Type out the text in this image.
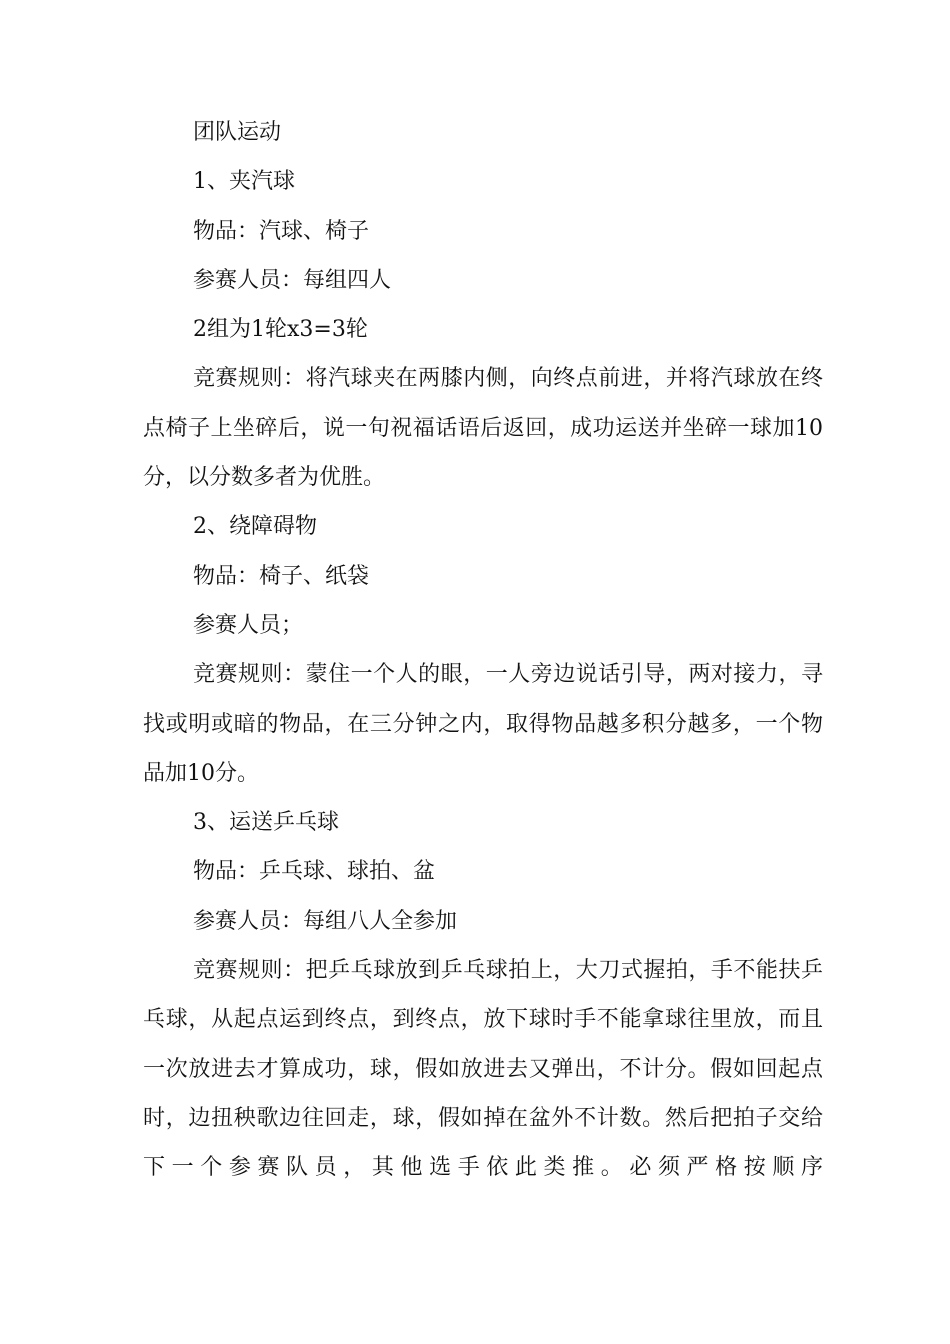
团队运动

1、夹汽球

物品：汽球、椅子

参赛人员：每组四人

2组为1轮x3=3轮

竞赛规则：将汽球夹在两膝内侧，向终点前进，并将汽球放在终点椅子上坐碎后，说一句祝福话语后返回，成功运送并坐碎一球加10分，以分数多者为优胜。

2、绕障碍物

物品：椅子、纸袋

参赛人员；

竞赛规则：蒙住一个人的眼，一人旁边说话引导，两对接力，寻找或明或暗的物品，在三分钟之内，取得物品越多积分越多，一个物品加10分。

3、运送乒乓球

物品：乒乓球、球拍、盆

参赛人员：每组八人全参加

竞赛规则：把乒乓球放到乒乓球拍上，大刀式握拍，手不能扶乒乓球，从起点运到终点，到终点，放下球时手不能拿球往里放，而且一次放进去才算成功，球，假如放进去又弹出，不计分。假如回起点时，边扭秧歌边往回走，球，假如掉在盆外不计数。然后把拍子交给下一个参赛队员，其他选手依此类推。必须严格按顺序
